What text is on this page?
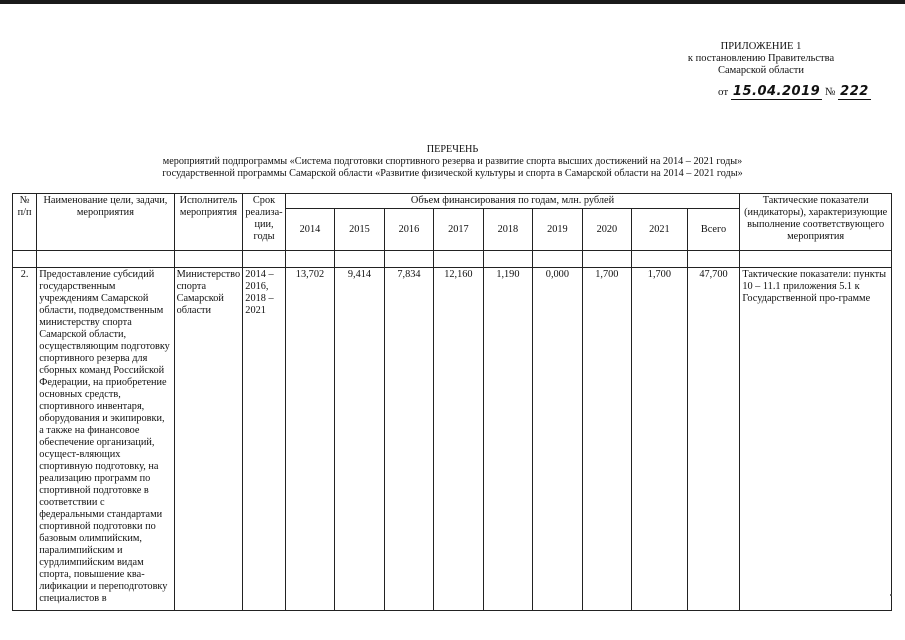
ПРИЛОЖЕНИЕ 1
к постановлению Правительства
Самарской области
от 15.04.2019 № 222
ПЕРЕЧЕНЬ
мероприятий подпрограммы «Система подготовки спортивного резерва и развитие спорта высших достижений на 2014 – 2021 годы»
государственной программы Самарской области «Развитие физической культуры и спорта в Самарской области на 2014 – 2021 годы»
№ п/п	Наименование цели, задачи, мероприятия	Исполнитель мероприятия	Срок реализа-ции, годы	Объем финансирования по годам, млн. рублей									Тактические показатели (индикаторы), характеризующие выполнение соответствующего мероприятия
				2014	2015	2016	2017	2018	2019	2020	2021	Всего	

2.	Предоставление субсидий государственным учреждениям Самарской области, подведомственным министерству спорта Самарской области, осуществляющим подготовку спортивного резерва для сборных команд Российской Федерации, на приобретение основных средств, спортивного инвентаря, оборудования и экипировки, а также на финансовое обеспечение организаций, осущест-вляющих спортивную подготовку, на реализацию программ по спортивной подготовке в соответствии с федеральными стандартами спортивной подготовки по базовым олимпийским, паралимпийским и сурдлимпийским видам спорта, повышение ква-лификации и переподготовку специалистов в	Министерство спорта Самарской области	2014 – 2016, 2018 – 2021	13,702	9,414	7,834	12,160	1,190	0,000	1,700	1,700	47,700	Тактические показатели: пункты 10 – 11.1 приложения 5.1 к Государственной про-грамме
